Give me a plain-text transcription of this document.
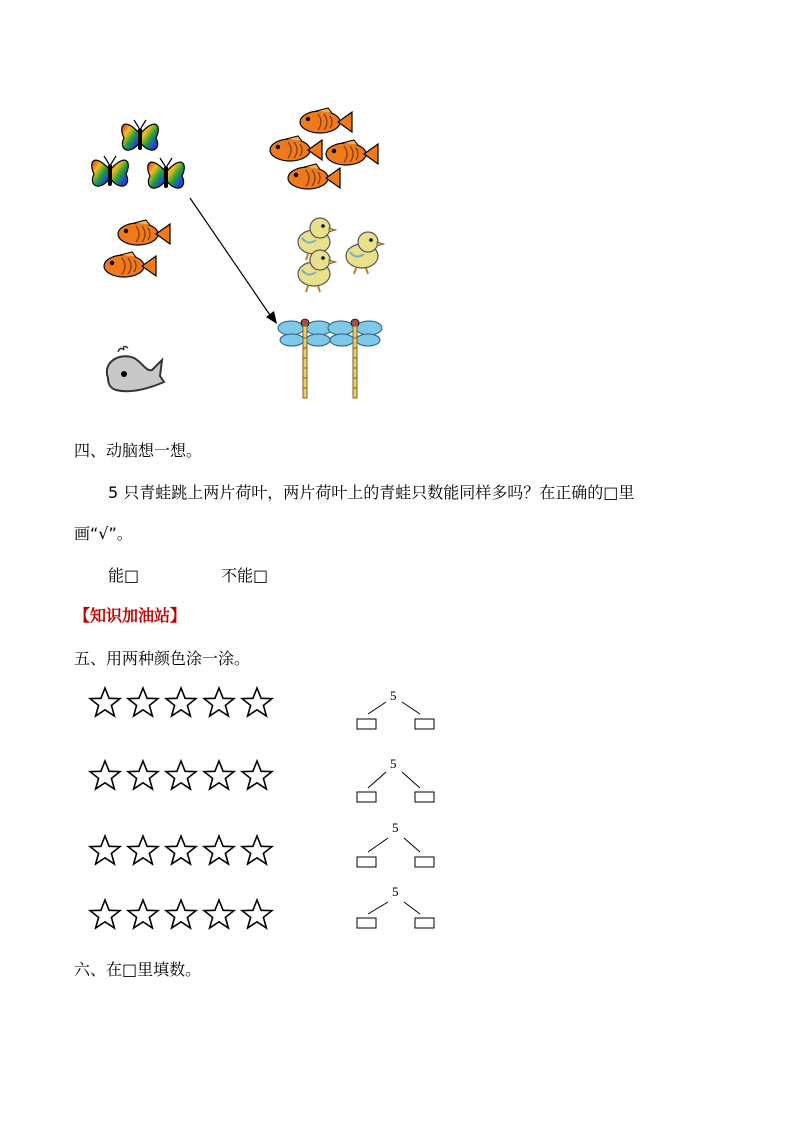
四、动脑想一想。
5 只青蛙跳上两片荷叶，两片荷叶上的青蛙只数能同样多吗？在正确的□里
画“√”。
能□	不能□
【知识加油站】
五、用两种颜色涂一涂。
5
5
5
5
六、在□里填数。
